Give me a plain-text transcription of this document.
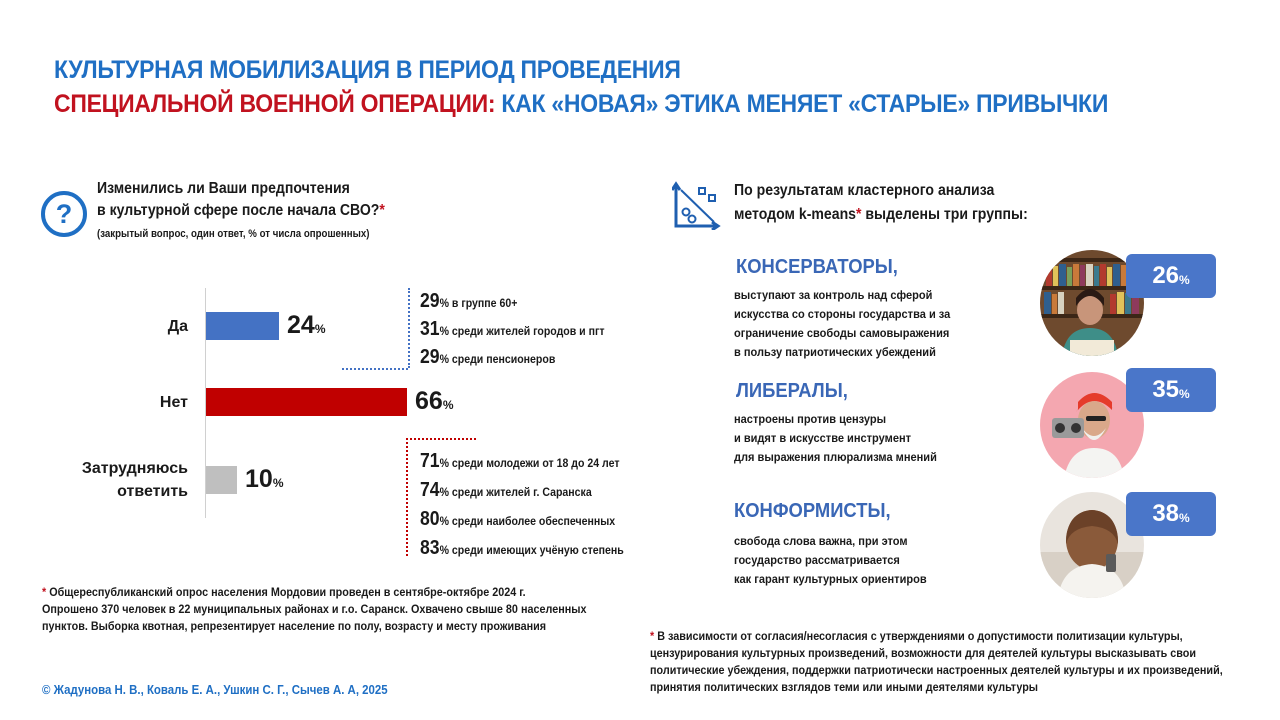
КУЛЬТУРНАЯ МОБИЛИЗАЦИЯ В ПЕРИОД ПРОВЕДЕНИЯ
СПЕЦИАЛЬНОЙ ВОЕННОЙ ОПЕРАЦИИ: КАК «НОВАЯ» ЭТИКА МЕНЯЕТ «СТАРЫЕ» ПРИВЫЧКИ
?
Изменились ли Ваши предпочтения
в культурной сфере после начала СВО?*
(закрытый вопрос, один ответ, % от числа опрошенных)
24%
Да
66%
Нет
10%
Затрудняюсь
ответить
29% в группе 60+
31% среди жителей городов и пгт
29% среди пенсионеров
71% среди молодежи от 18 до 24 лет
74% среди жителей г. Саранска
80% среди наиболее обеспеченных
83% среди имеющих учёную степень
* Общереспубликанский опрос населения Мордовии проведен в сентябре-октябре 2024 г.
Опрошено 370 человек в 22 муниципальных районах и г.о. Саранск. Охвачено свыше 80 населенных
пунктов. Выборка квотная, репрезентирует население по полу, возрасту и месту проживания
© Жадунова Н. В., Коваль Е. А., Ушкин С. Г., Сычев А. А, 2025
По результатам кластерного анализа
методом k-means* выделены три группы:
КОНСЕРВАТОРЫ,
выступают за контроль над сферой
искусства со стороны государства и за
ограничение свободы самовыражения
в пользу патриотических убеждений
26 %
ЛИБЕРАЛЫ,
настроены против цензуры
и видят в искусстве инструмент
для выражения плюрализма мнений
35 %
КОНФОРМИСТЫ,
свобода слова важна, при этом
государство рассматривается
как гарант культурных ориентиров
38 %
* В зависимости от согласия/несогласия с утверждениями о допустимости политизации культуры,
цензурирования культурных произведений, возможности для деятелей культуры высказывать свои
политические убеждения, поддержки патриотически настроенных деятелей культуры и их произведений,
принятия политических взглядов теми или иными деятелями культуры
